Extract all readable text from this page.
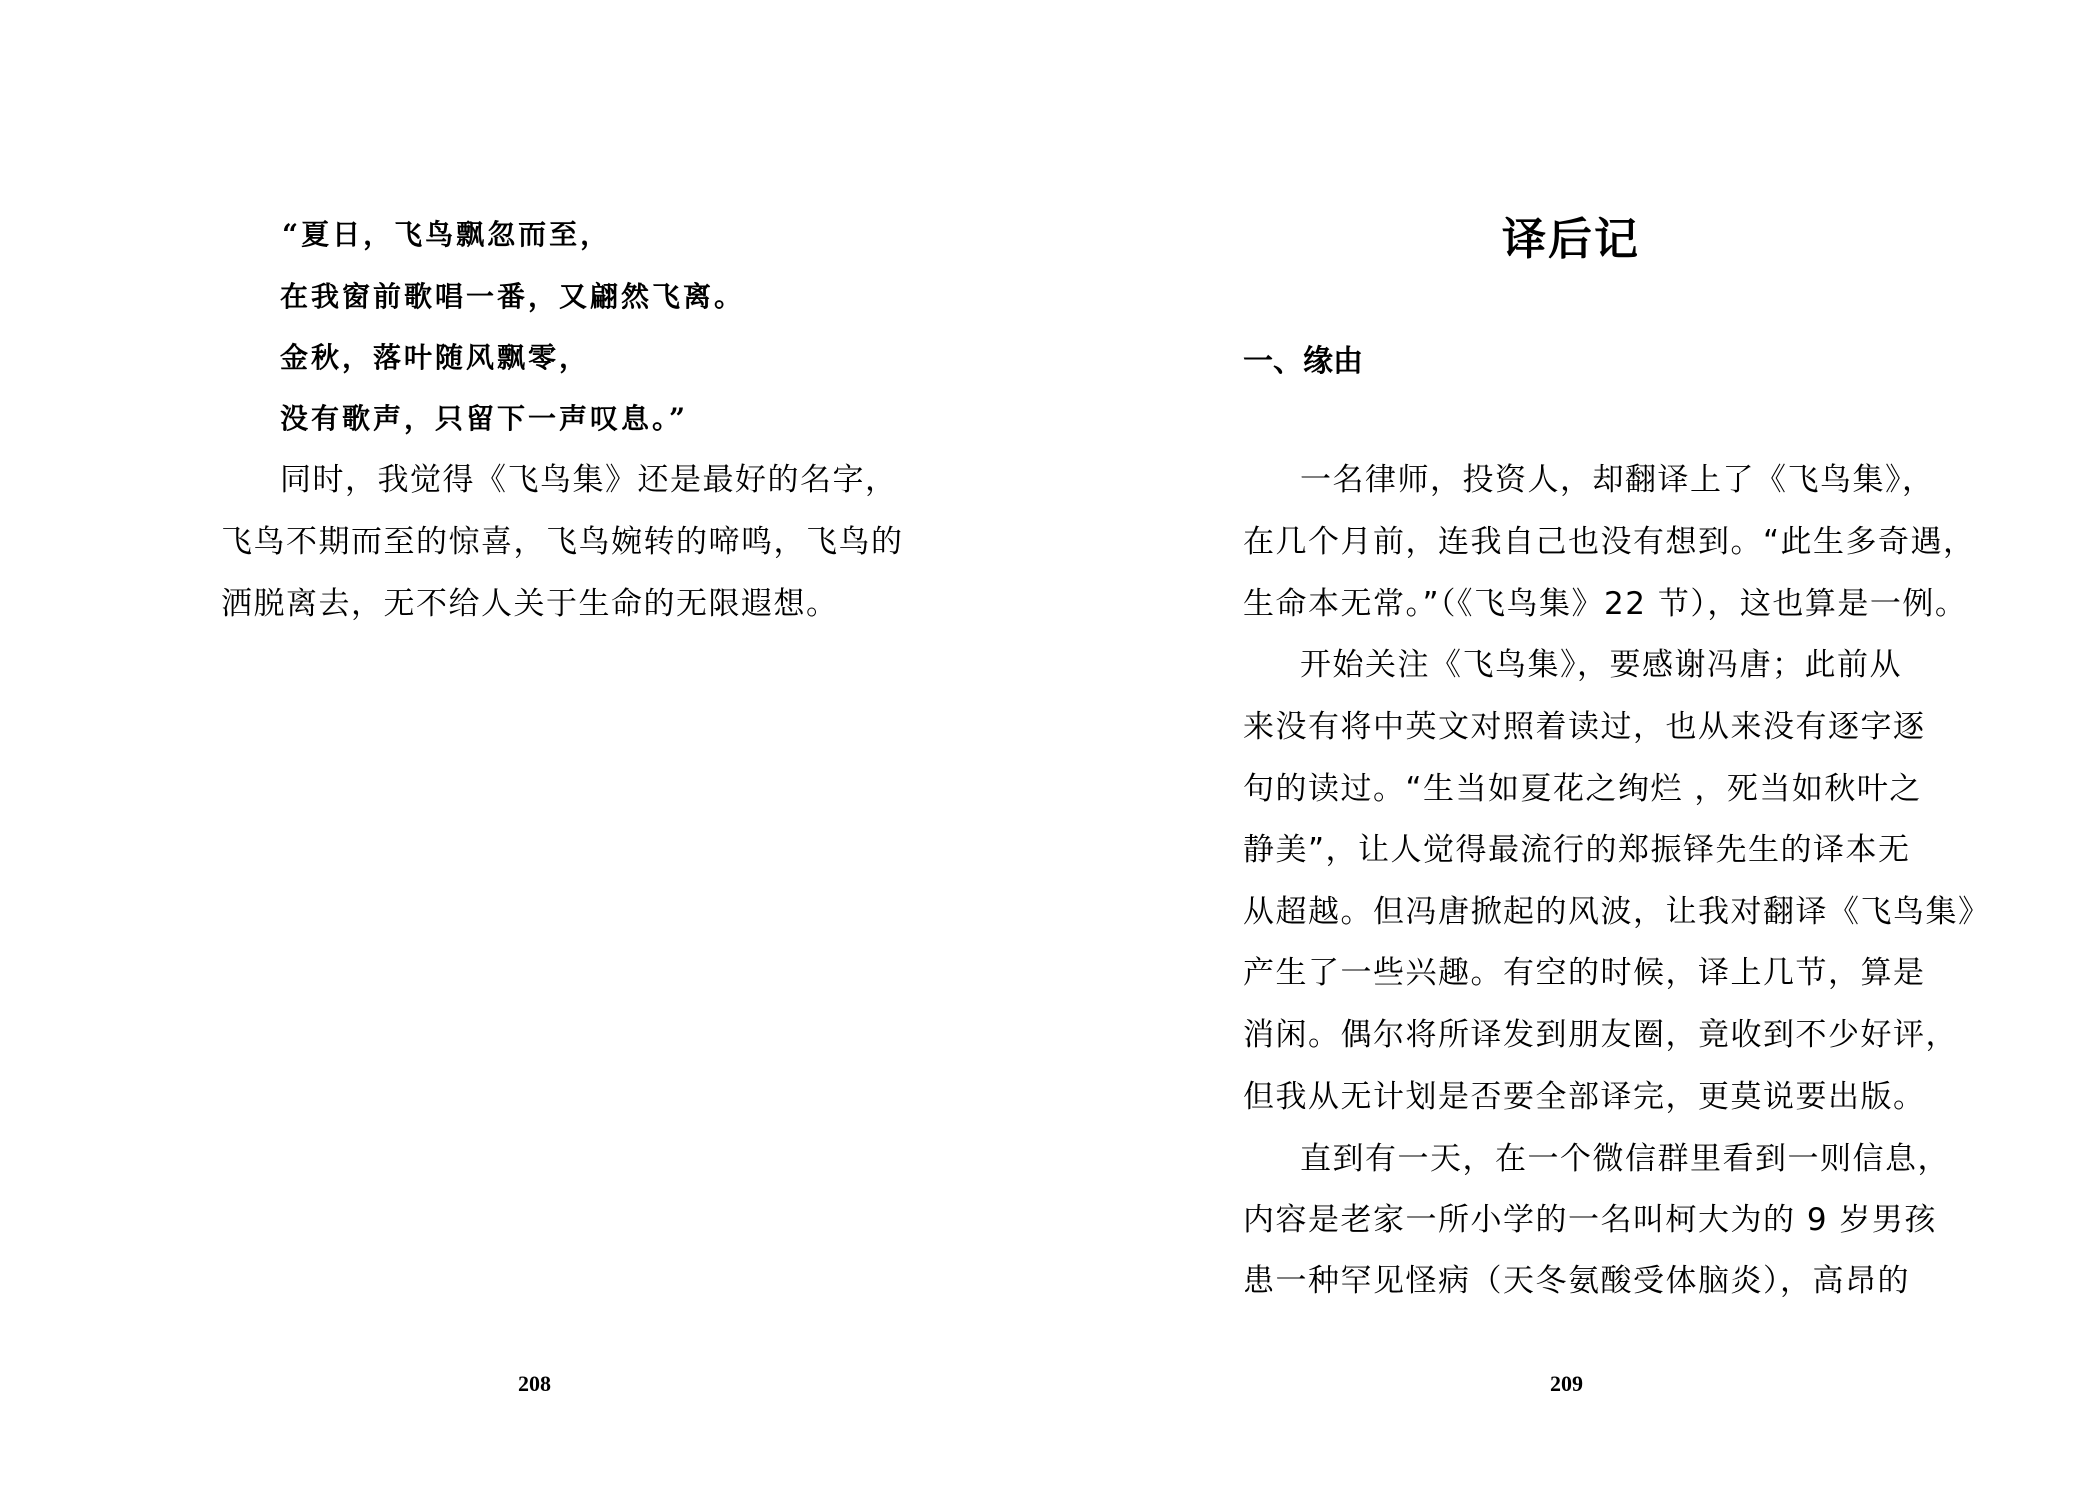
“夏日，飞鸟飘忽而至，
在我窗前歌唱一番，又翩然飞离。
金秋，落叶随风飘零，
没有歌声，只留下一声叹息。”
同时，我觉得《飞鸟集》还是最好的名字，
飞鸟不期而至的惊喜，飞鸟婉转的啼鸣，飞鸟的
洒脱离去，无不给人关于生命的无限遐想。
208
译后记
一、缘由
一名律师，投资人，却翻译上了《飞鸟集》，
在几个月前，连我自己也没有想到。“此生多奇遇，
生命本无常。”（《飞鸟集》22 节），这也算是一例。
开始关注《飞鸟集》，要感谢冯唐；此前从
来没有将中英文对照着读过，也从来没有逐字逐
句的读过。“生当如夏花之绚烂 ，死当如秋叶之
静美”，让人觉得最流行的郑振铎先生的译本无
从超越。但冯唐掀起的风波，让我对翻译《飞鸟集》
产生了一些兴趣。有空的时候，译上几节，算是
消闲。偶尔将所译发到朋友圈，竟收到不少好评，
但我从无计划是否要全部译完，更莫说要出版。
直到有一天，在一个微信群里看到一则信息，
内容是老家一所小学的一名叫柯大为的 9 岁男孩
患一种罕见怪病（天冬氨酸受体脑炎），高昂的
209
